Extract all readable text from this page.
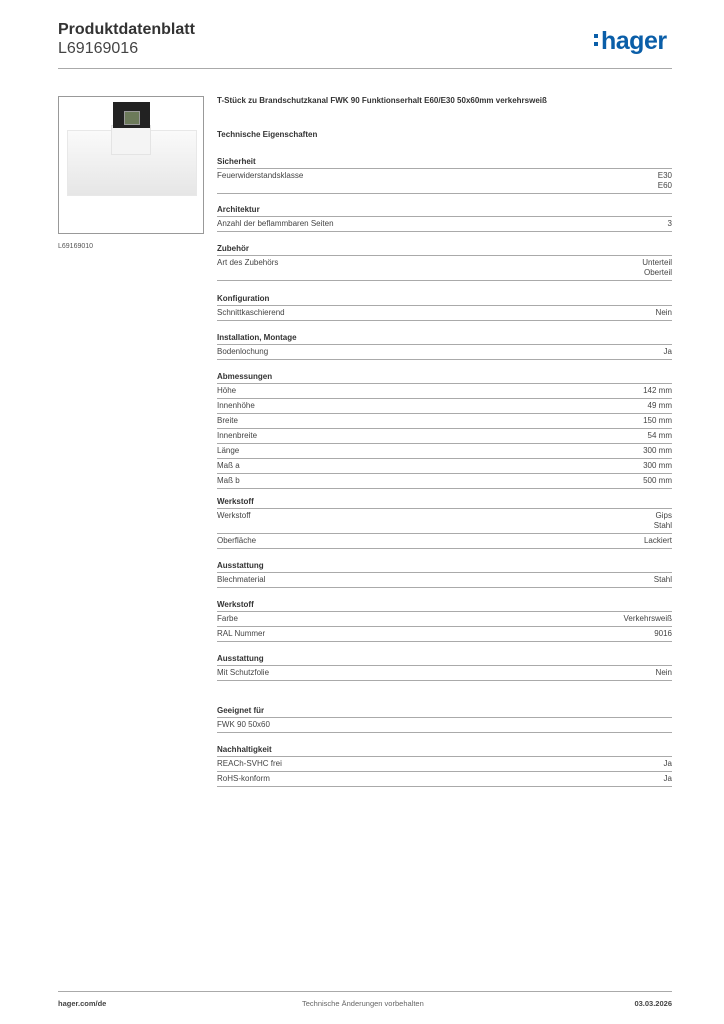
Produktdatenblatt
L69169016	hager
L69169010
T-Stück zu Brandschutzkanal FWK 90 Funktionserhalt E60/E30 50x60mm verkehrsweiß
Technische Eigenschaften
Sicherheit
Feuerwiderstandsklasse	E30
E60
Architektur
Anzahl der beflammbaren Seiten	3
Zubehör
Art des Zubehörs	Unterteil
Oberteil
Konfiguration
Schnittkaschierend	Nein
Installation, Montage
Bodenlochung	Ja
Abmessungen
Höhe	142 mm
Innenhöhe	49 mm
Breite	150 mm
Innenbreite	54 mm
Länge	300 mm
Maß a	300 mm
Maß b	500 mm
Werkstoff
Werkstoff	Gips
Stahl
Oberfläche	Lackiert
Ausstattung
Blechmaterial	Stahl
Werkstoff
Farbe	Verkehrsweiß
RAL Nummer	9016
Ausstattung
Mit Schutzfolie	Nein
Geeignet für
FWK 90 50x60
Nachhaltigkeit
REACh-SVHC frei	Ja
RoHS-konform	Ja
hager.com/de	Technische Änderungen vorbehalten	03.03.2026
